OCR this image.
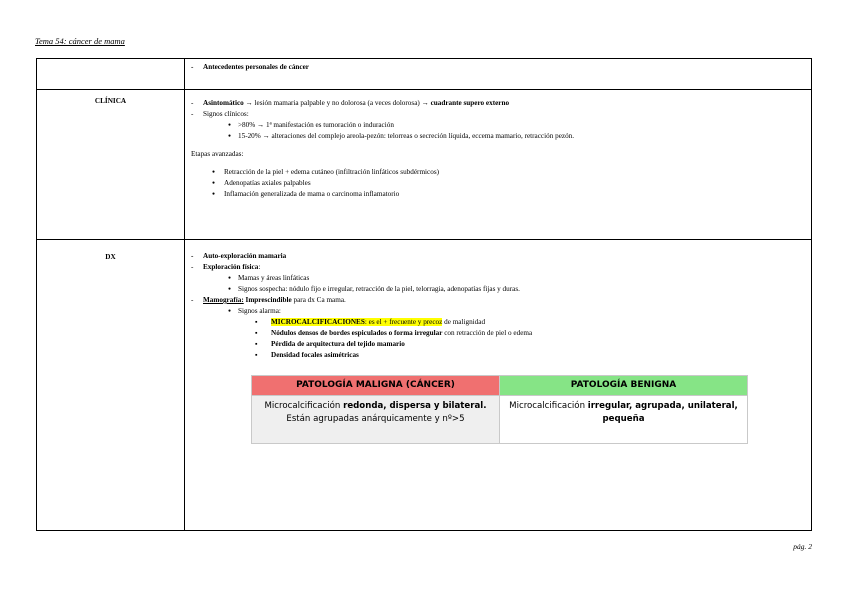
Tema 54: cáncer de mama

- Antecedentes personales de cáncer

CLÍNICA	
-Asintomático → lesión mamaria palpable y no dolorosa (a veces dolorosa) → cuadrante supero externo
- Signos clínicos:
● >80% → 1ª manifestación es tumoración o induración
● 15-20% → alteraciones del complejo areola-pezón: telorreas o secreción líquida, eccema mamario, retracción pezón.

Etapas avanzadas:

● Retracción de la piel + edema cutáneo (infiltración linfáticos subdérmicos)
● Adenopatías axiales palpables
● Inflamación generalizada de mama o carcinoma inflamatorio

DX	
-Auto-exploración mamaria
- Exploración física:
● Mamas y áreas linfáticas
● Signos sospecha: nódulo fijo e irregular, retracción de la piel, telorragia, adenopatías fijas y duras.
- Mamografía: Imprescindible para dx Ca mama.
● Signos alarma:
▪ MICROCALCIFICACIONES: es el + frecuente y precoz de malignidad
▪ Nódulos densos de bordes espiculados o forma irregular con retracción de piel o edema
▪ Pérdida de arquitectura del tejido mamario
▪ Densidad focales asimétricas
PATOLOGÍA MALIGNA (CÁNCER)	PATOLOGÍA BENIGNA
Microcalcificación redonda, dispersa y bilateral. Están agrupadas anárquicamente y nº>5	Microcalcificación irregular, agrupada, unilateral, pequeña
pág. 2
